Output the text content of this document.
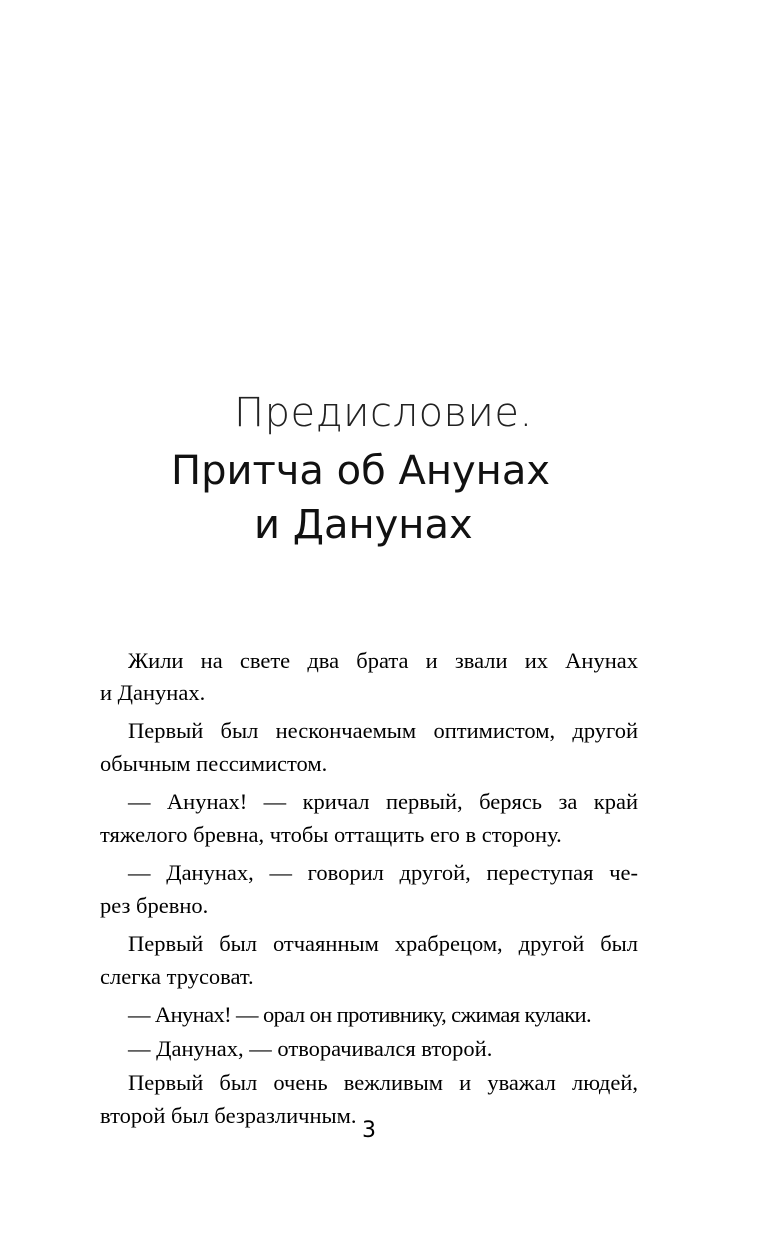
Предисловие.
Притча об Анунах
и Данунах

Жили на свете два брата и звали их Анунах

и Данунах.

Первый был нескончаемым оптимистом, другой

обычным пессимистом.

— Анунах! — кричал первый, берясь за край

тяжелого бревна, чтобы оттащить его в сторону.

— Данунах, — говорил другой, переступая че-

рез бревно.

Первый был отчаянным храбрецом, другой был

слегка трусоват.

— Анунах! — орал он противнику, сжимая кулаки.

— Данунах, — отворачивался второй.

Первый был очень вежливым и уважал людей,

второй был безразличным.

3
